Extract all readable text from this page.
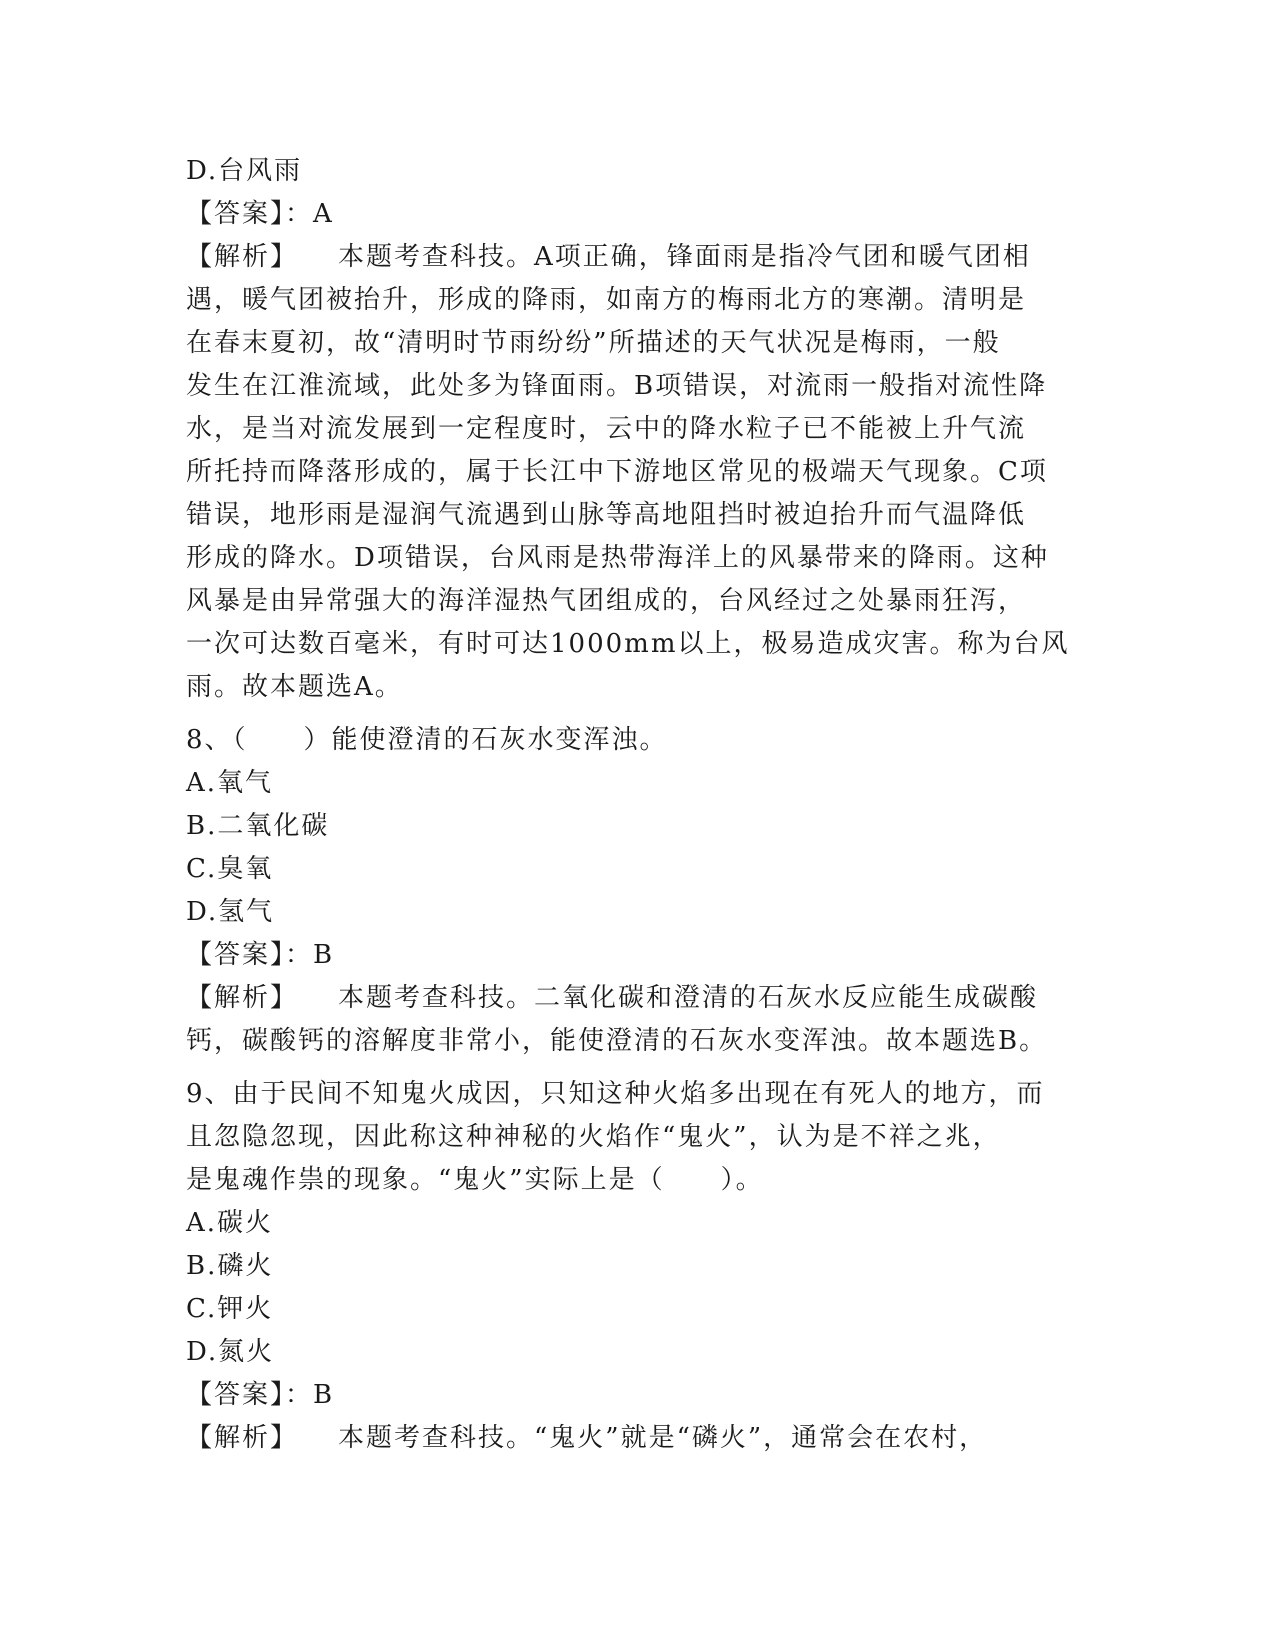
D.台风雨
【答案】：A
【解析】 本题考查科技。A项正确，锋面雨是指冷气团和暖气团相
遇，暖气团被抬升，形成的降雨，如南方的梅雨北方的寒潮。清明是
在春末夏初，故“清明时节雨纷纷”所描述的天气状况是梅雨，一般
发生在江淮流域，此处多为锋面雨。B项错误，对流雨一般指对流性降
水，是当对流发展到一定程度时，云中的降水粒子已不能被上升气流
所托持而降落形成的，属于长江中下游地区常见的极端天气现象。C项
错误，地形雨是湿润气流遇到山脉等高地阻挡时被迫抬升而气温降低
形成的降水。D项错误，台风雨是热带海洋上的风暴带来的降雨。这种
风暴是由异常强大的海洋湿热气团组成的，台风经过之处暴雨狂泻，
一次可达数百毫米，有时可达1000mm以上，极易造成灾害。称为台风
雨。故本题选A。
8、（　　）能使澄清的石灰水变浑浊。
A.氧气
B.二氧化碳
C.臭氧
D.氢气
【答案】：B
【解析】 本题考查科技。二氧化碳和澄清的石灰水反应能生成碳酸
钙，碳酸钙的溶解度非常小，能使澄清的石灰水变浑浊。故本题选B。
9、由于民间不知鬼火成因，只知这种火焰多出现在有死人的地方，而
且忽隐忽现，因此称这种神秘的火焰作“鬼火”，认为是不祥之兆，
是鬼魂作祟的现象。“鬼火”实际上是（　　）。
A.碳火
B.磷火
C.钾火
D.氮火
【答案】：B
【解析】 本题考查科技。“鬼火”就是“磷火”，通常会在农村，
